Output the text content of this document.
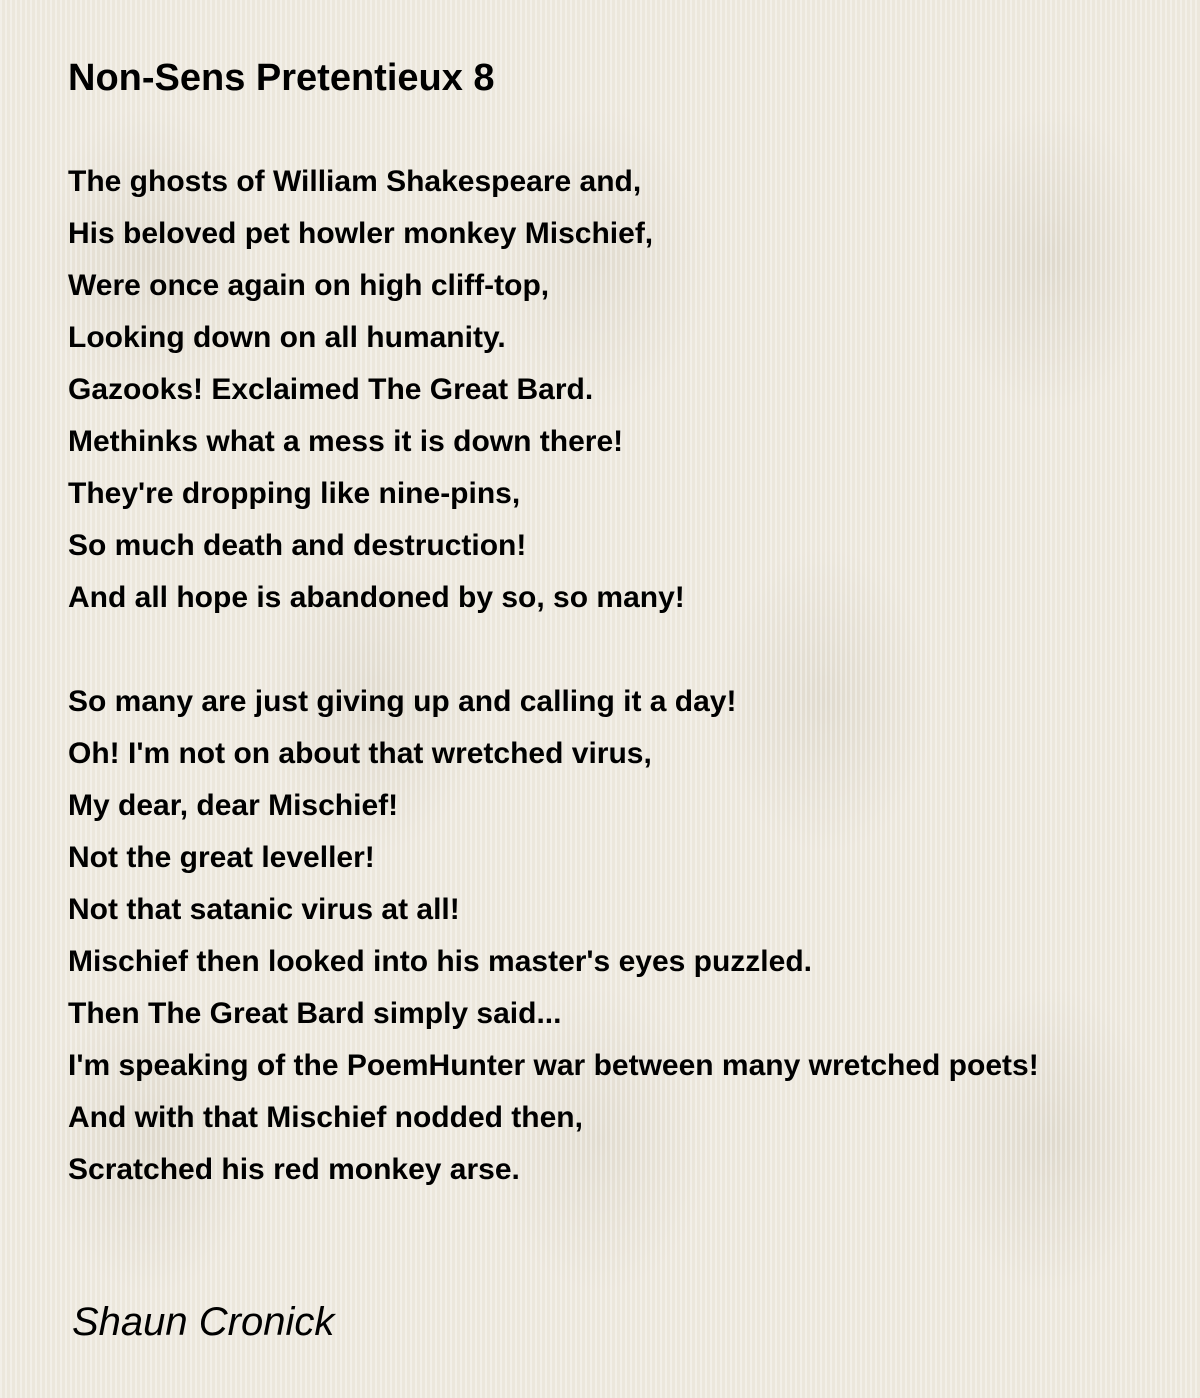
Non-Sens Pretentieux 8
The ghosts of William Shakespeare and,
His beloved pet howler monkey Mischief,
Were once again on high cliff-top,
Looking down on all humanity.
Gazooks! Exclaimed The Great Bard.
Methinks what a mess it is down there!
They're dropping like nine-pins,
So much death and destruction!
And all hope is abandoned by so, so many!
So many are just giving up and calling it a day!
Oh! I'm not on about that wretched virus,
My dear, dear Mischief!
Not the great leveller!
Not that satanic virus at all!
Mischief then looked into his master's eyes puzzled.
Then The Great Bard simply said...
I'm speaking of the PoemHunter war between many wretched poets!
And with that Mischief nodded then,
Scratched his red monkey arse.
Shaun Cronick
